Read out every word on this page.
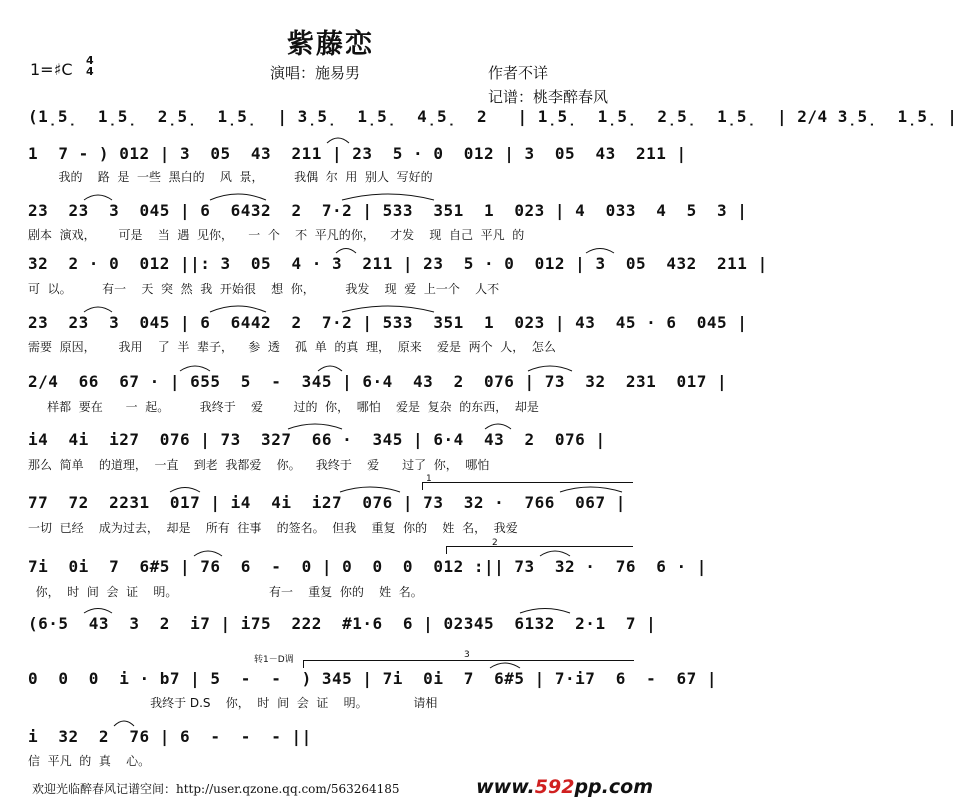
紫藤恋
1=♯C 4
4	演唱：施易男	作者不详
记谱：桃李醉春风
(1̣5̣  1̣5̣  2̣5̣  1̣5̣  | 3̣5̣  1̣5̣  4̣5̣  2   | 1̣5̣  1̣5̣  2̣5̣  1̣5̣  | 2/4 3̣5̣  1̣5̣ |
1  7 - ) 012 | 3  05  43  211 | 23  5 · 0  012 | 3  05  43  211 |
我的    路  是  一些  黑白的    风  景，        我偶  尔  用  别人  写好的
23  23  3  045 | 6  6432  2  7·2 | 533  351  1  023 | 4  033  4  5  3 |
剧本  演戏，      可是    当  遇  见你，    一  个    不  平凡的你，    才发    现  自己  平凡  的
32  2 · 0  012 ||: 3  05  4 · 3  211 | 23  5 · 0  012 | 3  05  432  211 |
可  以。        有一    天  突  然  我  开始很    想  你，        我发    现  爱  上一个    人不
23  23  3  045 | 6  6442  2  7·2 | 533  351  1  023 | 43  45 · 6  045 |
需要  原因，      我用    了  半  辈子，    参  透    孤  单  的真  理，  原来    爱是  两个  人，  怎么
2/4  66  67 · | 655  5  -  345 | 6·4  43  2  076 | 73  32  231  017 |
样都  要在      一  起。        我终于    爱        过的  你，  哪怕    爱是  复杂  的东西，  却是
i4  4i  i27  076 | 73  327  66 ·  345 | 6·4  43  2  076 |
那么  简单    的道理，  一直    到老  我都爱    你。    我终于    爱      过了  你，  哪怕
1
77  72  2231  017 | i4  4i  i27  076 | 73  32 ·  766  067 |
一切  已经    成为过去，  却是    所有  往事    的签名。  但我    重复  你的    姓  名，  我爱
2
7i  0i  7  6#5 | 76  6  -  0 | 0  0  0  012 :|| 73  32 ·  76  6 · |
你，  时  间  会  证    明。                        有一    重复  你的    姓  名。
(6·5  43  3  2  i7 | i75  222  #1·6  6 | 02345  6132  2·1  7 |
转1－D调	3
0  0  0  i · b7 | 5  -  -  ) 345 | 7i  0i  7  6#5 | 7·i7  6  -  67 |
我终于 D.S    你，  时  间  会  证    明。            请相
i  32  2  76 | 6  -  -  - ||
信  平凡  的  真    心。
欢迎光临醉春风记谱空间：http://user.qzone.qq.com/563264185	www.592pp.com
